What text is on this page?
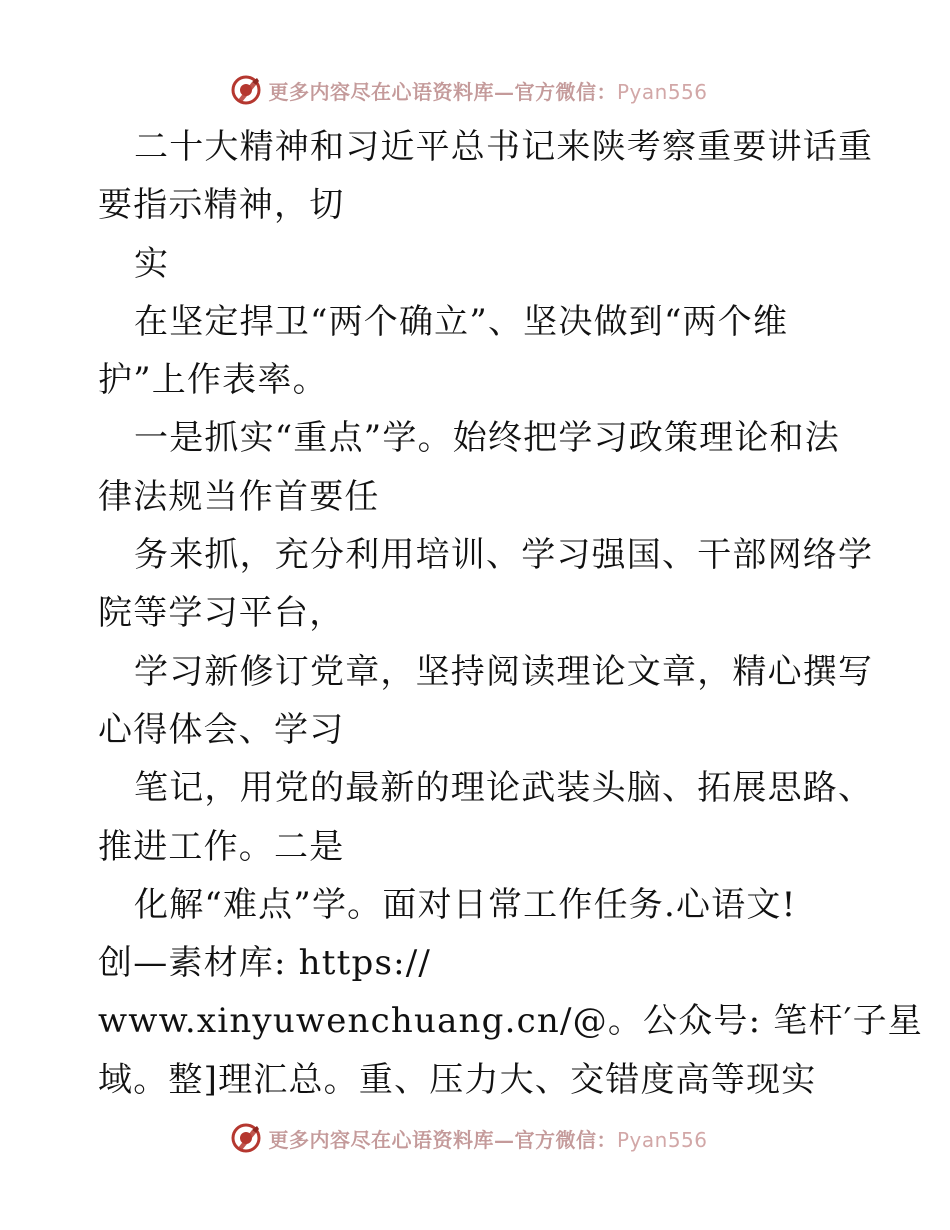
更多内容尽在心语资料库—官方微信：Pyan556
二十大精神和习近平总书记来陕考察重要讲话重
要指示精神，切
实
在坚定捍卫“两个确立”、坚决做到“两个维
护”上作表率。
一是抓实“重点”学。始终把学习政策理论和法
律法规当作首要任
务来抓，充分利用培训、学习强国、干部网络学
院等学习平台，
学习新修订党章，坚持阅读理论文章，精心撰写
心得体会、学习
笔记，用党的最新的理论武装头脑、拓展思路、
推进工作。二是
化解“难点”学。面对日常工作任务.心语文!
创—素材库: https://
www.xinyuwenchuang.cn/@。公众号: 笔杆′子星
域。整]理汇总。重、压力大、交错度高等现实
更多内容尽在心语资料库—官方微信：Pyan556
